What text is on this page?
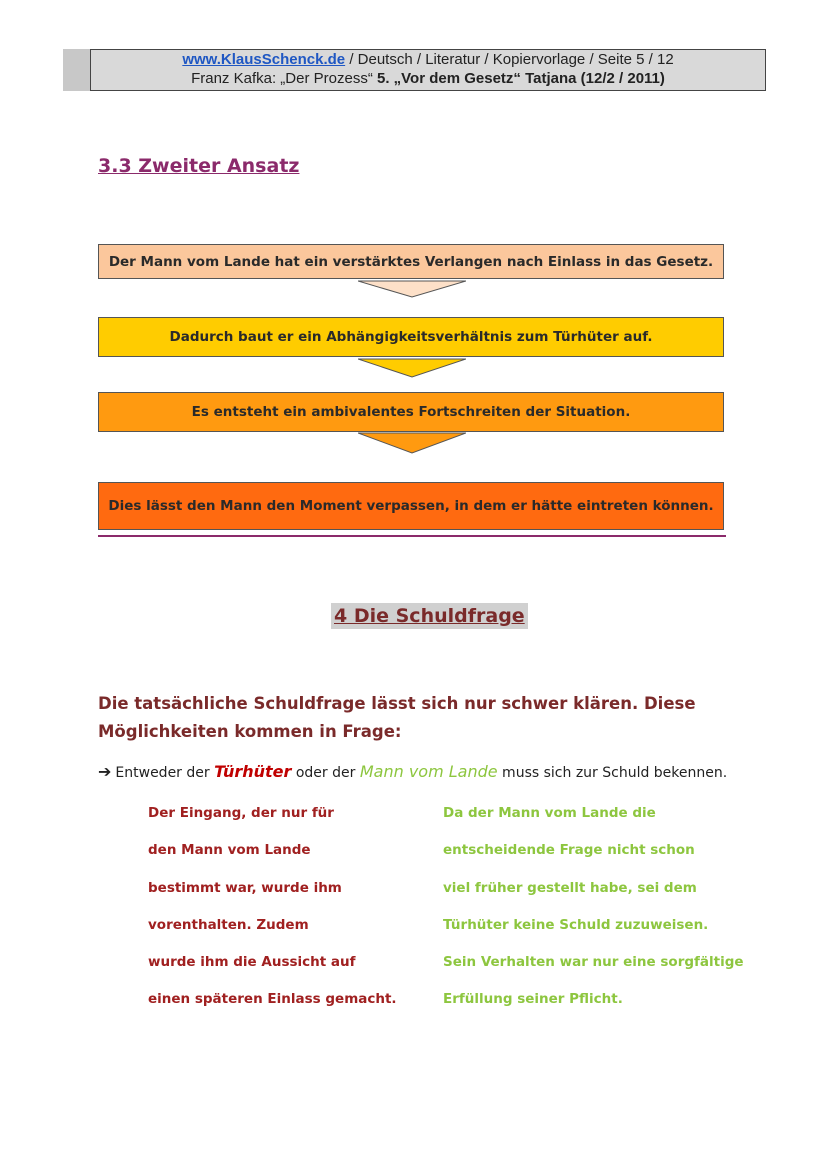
www.KlausSchenck.de / Deutsch / Literatur / Kopiervorlage / Seite 5 / 12
Franz Kafka: „Der Prozess“ 5. „Vor dem Gesetz“ Tatjana (12/2 / 2011)
3.3 Zweiter Ansatz
Der Mann vom Lande hat ein verstärktes Verlangen nach Einlass in das Gesetz.
Dadurch baut er ein Abhängigkeitsverhältnis zum Türhüter auf.
Es entsteht ein ambivalentes Fortschreiten der Situation.
Dies lässt den Mann den Moment verpassen, in dem er hätte eintreten können.
4 Die Schuldfrage

Die tatsächliche Schuldfrage lässt sich nur schwer klären. Diese Möglichkeiten kommen in Frage:

➔ Entweder der Türhüter oder der Mann vom Lande muss sich zur Schuld bekennen.

Der Eingang, der nur für

den Mann vom Lande

bestimmt war, wurde ihm

vorenthalten. Zudem

wurde ihm die Aussicht auf

einen späteren Einlass gemacht.

Da der Mann vom Lande die

entscheidende Frage nicht schon

viel früher gestellt habe, sei dem

Türhüter keine Schuld zuzuweisen.

Sein Verhalten war nur eine sorgfältige

Erfüllung seiner Pflicht.
